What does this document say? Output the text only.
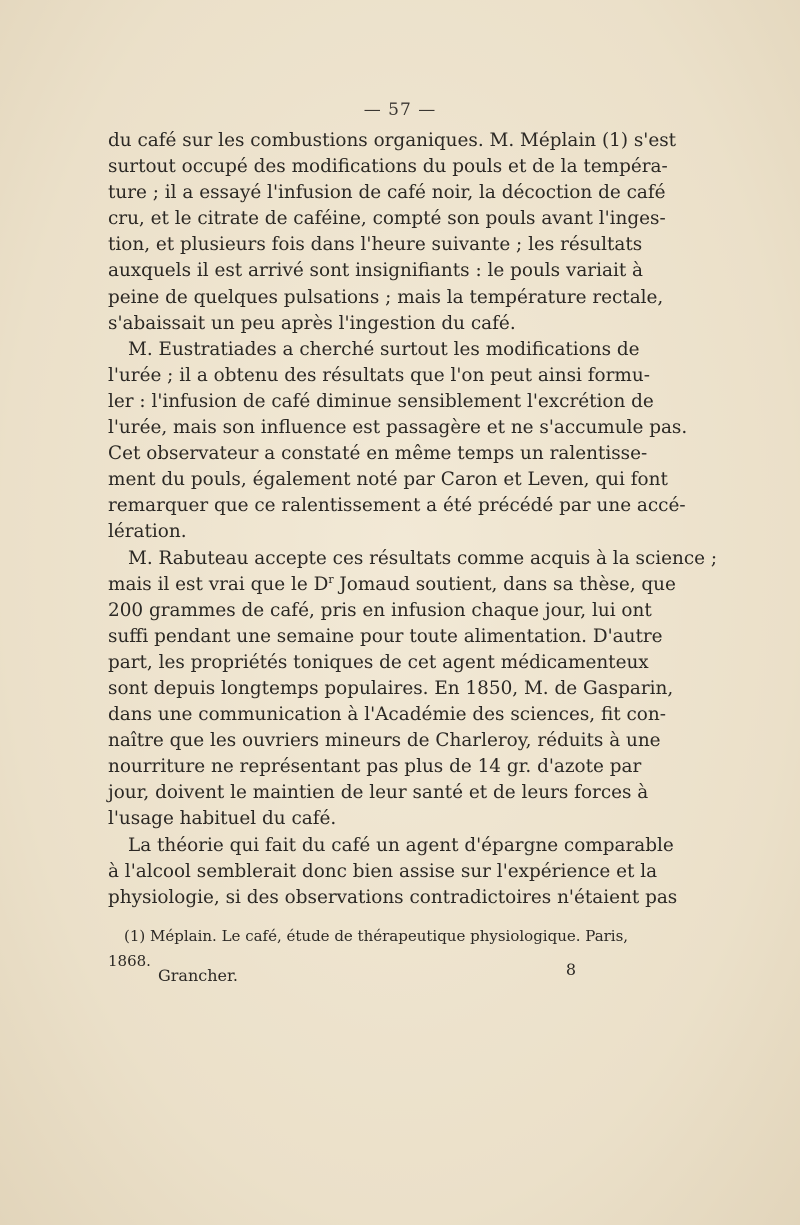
— 57 —
du café sur les combustions organiques. M. Méplain (1) s'est
surtout occupé des modifications du pouls et de la tempéra-
ture ; il a essayé l'infusion de café noir, la décoction de café
cru, et le citrate de caféine, compté son pouls avant l'inges-
tion, et plusieurs fois dans l'heure suivante ; les résultats
auxquels il est arrivé sont insignifiants : le pouls variait à
peine de quelques pulsations ; mais la température rectale,
s'abaissait un peu après l'ingestion du café.
M. Eustratiades a cherché surtout les modifications de
l'urée ; il a obtenu des résultats que l'on peut ainsi formu-
ler : l'infusion de café diminue sensiblement l'excrétion de
l'urée, mais son influence est passagère et ne s'accumule pas.
Cet observateur a constaté en même temps un ralentisse-
ment du pouls, également noté par Caron et Leven, qui font
remarquer que ce ralentissement a été précédé par une accé-
lération.
M. Rabuteau accepte ces résultats comme acquis à la science ;
mais il est vrai que le $D^r$ Jomaud soutient, dans sa thèse, que
200 grammes de café, pris en infusion chaque jour, lui ont
suffi pendant une semaine pour toute alimentation. D'autre
part, les propriétés toniques de cet agent médicamenteux
sont depuis longtemps populaires. En 1850, M. de Gasparin,
dans une communication à l'Académie des sciences, fit con-
naître que les ouvriers mineurs de Charleroy, réduits à une
nourriture ne représentant pas plus de 14 gr. d'azote par
jour, doivent le maintien de leur santé et de leurs forces à
l'usage habituel du café.
La théorie qui fait du café un agent d'épargne comparable
à l'alcool semblerait donc bien assise sur l'expérience et la
physiologie, si des observations contradictoires n'étaient pas
(1) Méplain. Le café, étude de thérapeutique physiologique. Paris,
1868.
Grancher.	8
